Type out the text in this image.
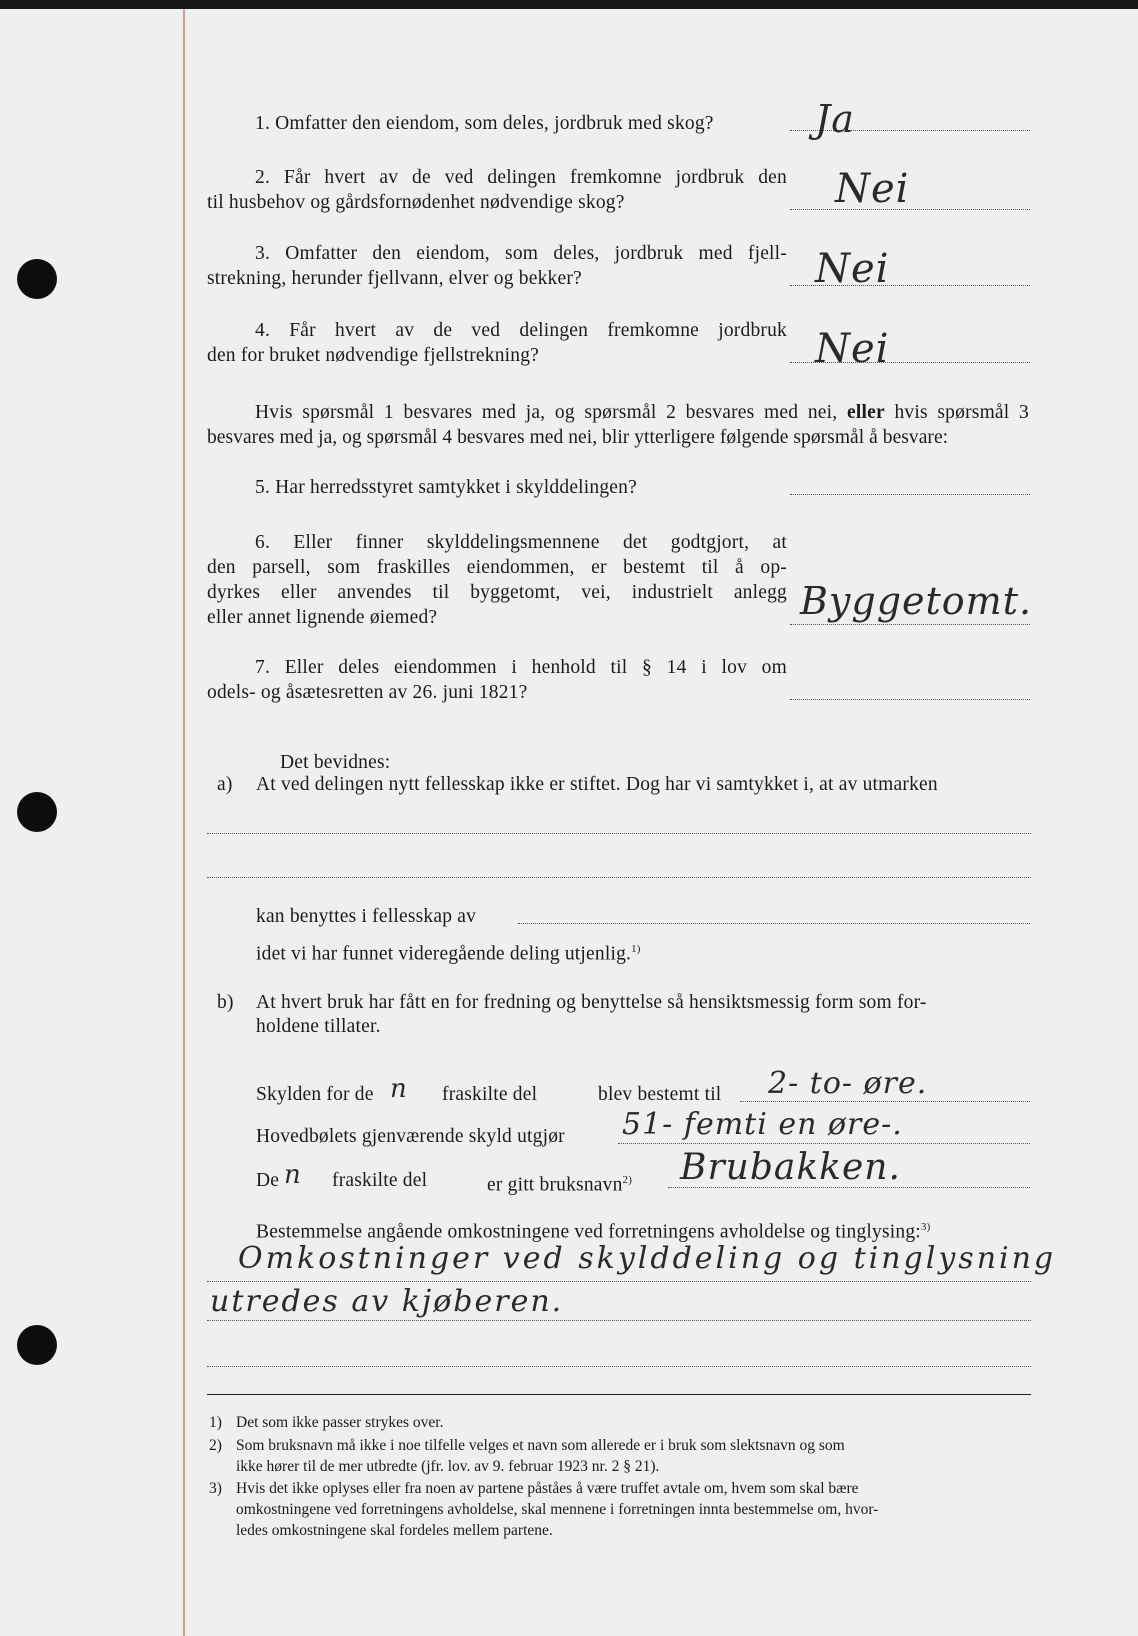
1. Omfatter den eiendom, som deles, jordbruk med skog?	Ja
2. Får hvert av de ved delingen fremkomne jordbruk den
til husbehov og gårdsfornødenhet nødvendige skog?	Nei
3. Omfatter den eiendom, som deles, jordbruk med fjell-
strekning, herunder fjellvann, elver og bekker?	Nei
4. Får hvert av de ved delingen fremkomne jordbruk
den for bruket nødvendige fjellstrekning?	Nei
Hvis spørsmål 1 besvares med ja, og spørsmål 2 besvares med nei, eller hvis spørsmål 3
besvares med ja, og spørsmål 4 besvares med nei, blir ytterligere følgende spørsmål å besvare:
5. Har herredsstyret samtykket i skylddelingen?
6. Eller finner skylddelingsmennene det godtgjort, at
den parsell, som fraskilles eiendommen, er bestemt til å op-
dyrkes eller anvendes til byggetomt, vei, industrielt anlegg
eller annet lignende øiemed?	Byggetomt.
7. Eller deles eiendommen i henhold til § 14 i lov om
odels- og åsætesretten av 26. juni 1821?
Det bevidnes:
a) At ved delingen nytt fellesskap ikke er stiftet. Dog har vi samtykket i, at av utmarken
kan benyttes i fellesskap av
idet vi har funnet videregående deling utjenlig.$^{1)}$
b) At hvert bruk har fått en for fredning og benyttelse så hensiktsmessig form som for-
holdene tillater.
Skylden for de n fraskilte del	blev bestemt til 2- to- øre.
Hovedbølets gjenværende skyld utgjør 51- femti en øre-.
De n fraskilte del	er gitt bruksnavn$^{2)}$ Brubakken.
Bestemmelse angående omkostningene ved forretningens avholdelse og tinglysing:$^{3)}$
Omkostninger ved skylddeling og tinglysning
utredes av kjøberen.
1) Det som ikke passer strykes over.
2) Som bruksnavn må ikke i noe tilfelle velges et navn som allerede er i bruk som slektsnavn og som
ikke hører til de mer utbredte (jfr. lov. av 9. februar 1923 nr. 2 § 21).
3) Hvis det ikke oplyses eller fra noen av partene påståes å være truffet avtale om, hvem som skal bære
omkostningene ved forretningens avholdelse, skal mennene i forretningen innta bestemmelse om, hvor-
ledes omkostningene skal fordeles mellem partene.
